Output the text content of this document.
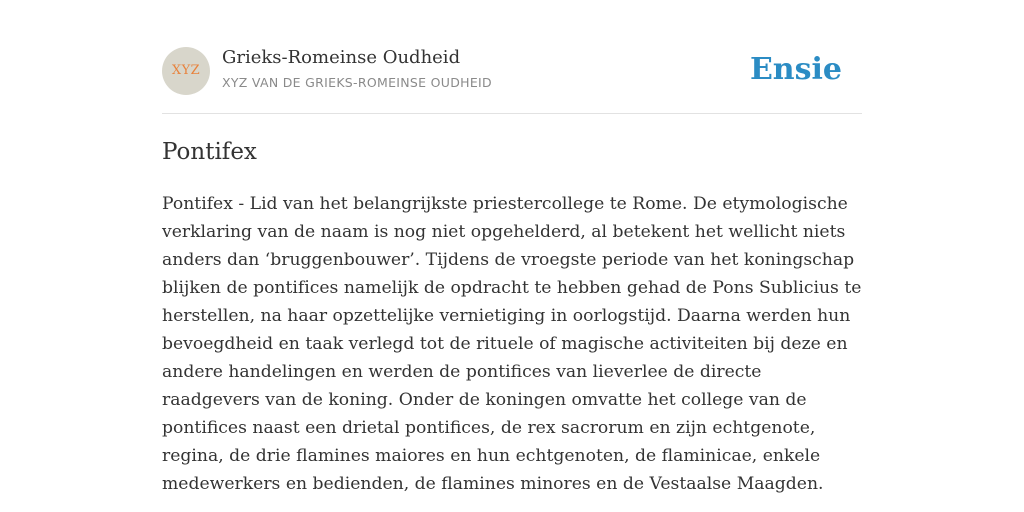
XYZ
Grieks-Romeinse Oudheid
XYZ VAN DE GRIEKS-ROMEINSE OUDHEID	Ensie
Pontifex

Pontifex - Lid van het belangrijkste priestercollege te Rome. De etymologische verklaring van de naam is nog niet opgehelderd, al betekent het wellicht niets anders dan ‘bruggenbouwer’. Tijdens de vroegste periode van het koningschap blijken de pontifi̇ces namelijk de opdracht te hebben gehad de Pons Sublicius te herstellen, na haar opzettelijke vernietiging in oorlogstijd. Daarna werden hun bevoegdheid en taak verlegd tot de rituele of magische activiteiten bij deze en andere handelingen en werden de pontifices van lieverlee de directe raadgevers van de koning. Onder de koningen omvatte het college van de pontifices naast een drietal pontifices, de rex sacrorum en zijn echtgenote, regina, de drie flamines maiores en hun echtgenoten, de flaminicae, enkele medewerkers en bedienden, de flamines minores en de Vestaalse Maagden.
